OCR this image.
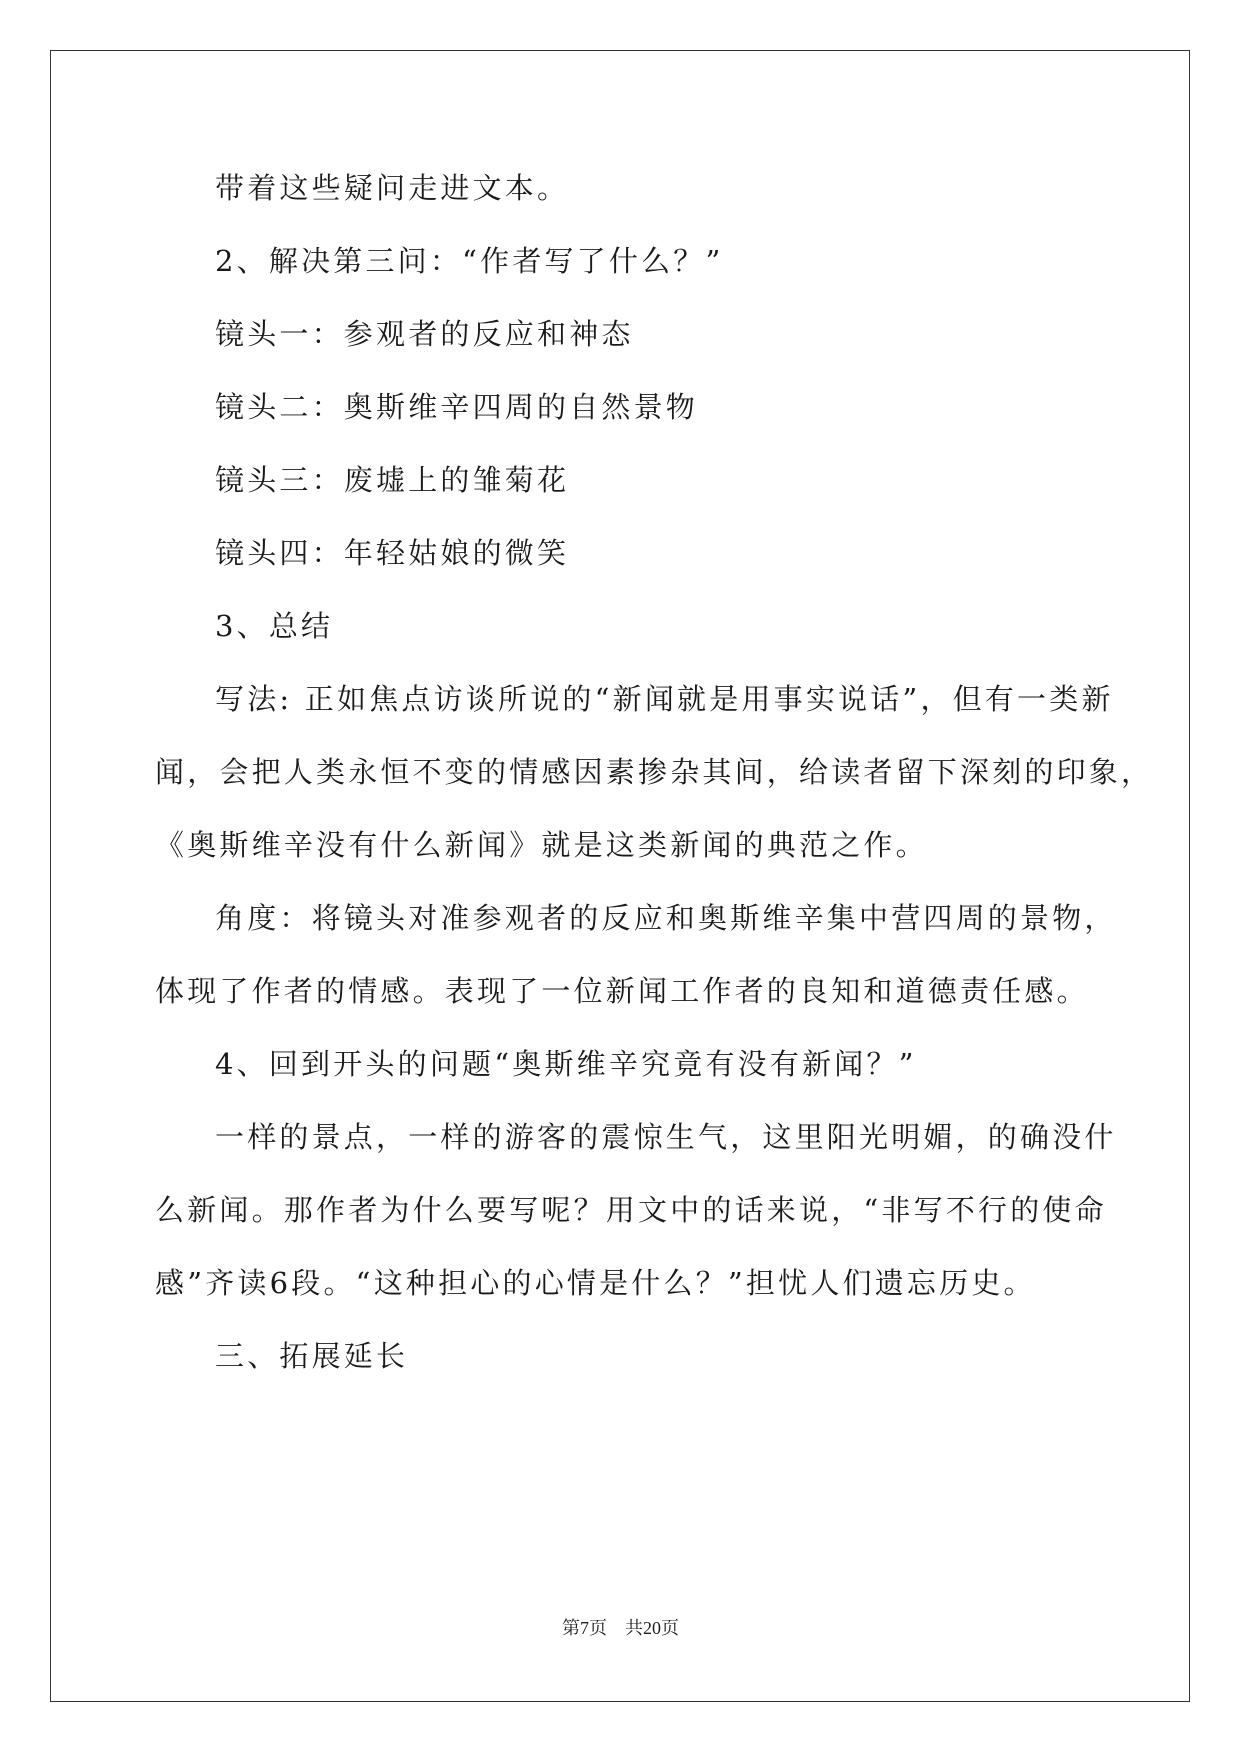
带着这些疑问走进文本。
2、解决第三问：“作者写了什么？”
镜头一：参观者的反应和神态
镜头二：奥斯维辛四周的自然景物
镜头三：废墟上的雏菊花
镜头四：年轻姑娘的微笑
3、总结
写法: 正如焦点访谈所说的“新闻就是用事实说话”，但有一类新
闻，会把人类永恒不变的情感因素掺杂其间，给读者留下深刻的印象，
《奥斯维辛没有什么新闻》就是这类新闻的典范之作。
角度：将镜头对准参观者的反应和奥斯维辛集中营四周的景物，
体现了作者的情感。表现了一位新闻工作者的良知和道德责任感。
4、回到开头的问题“奥斯维辛究竟有没有新闻？”
一样的景点，一样的游客的震惊生气，这里阳光明媚，的确没什
么新闻。那作者为什么要写呢？用文中的话来说，“非写不行的使命
感”齐读6段。“这种担心的心情是什么？”担忧人们遗忘历史。
三、拓展延长
第7页　共20页
